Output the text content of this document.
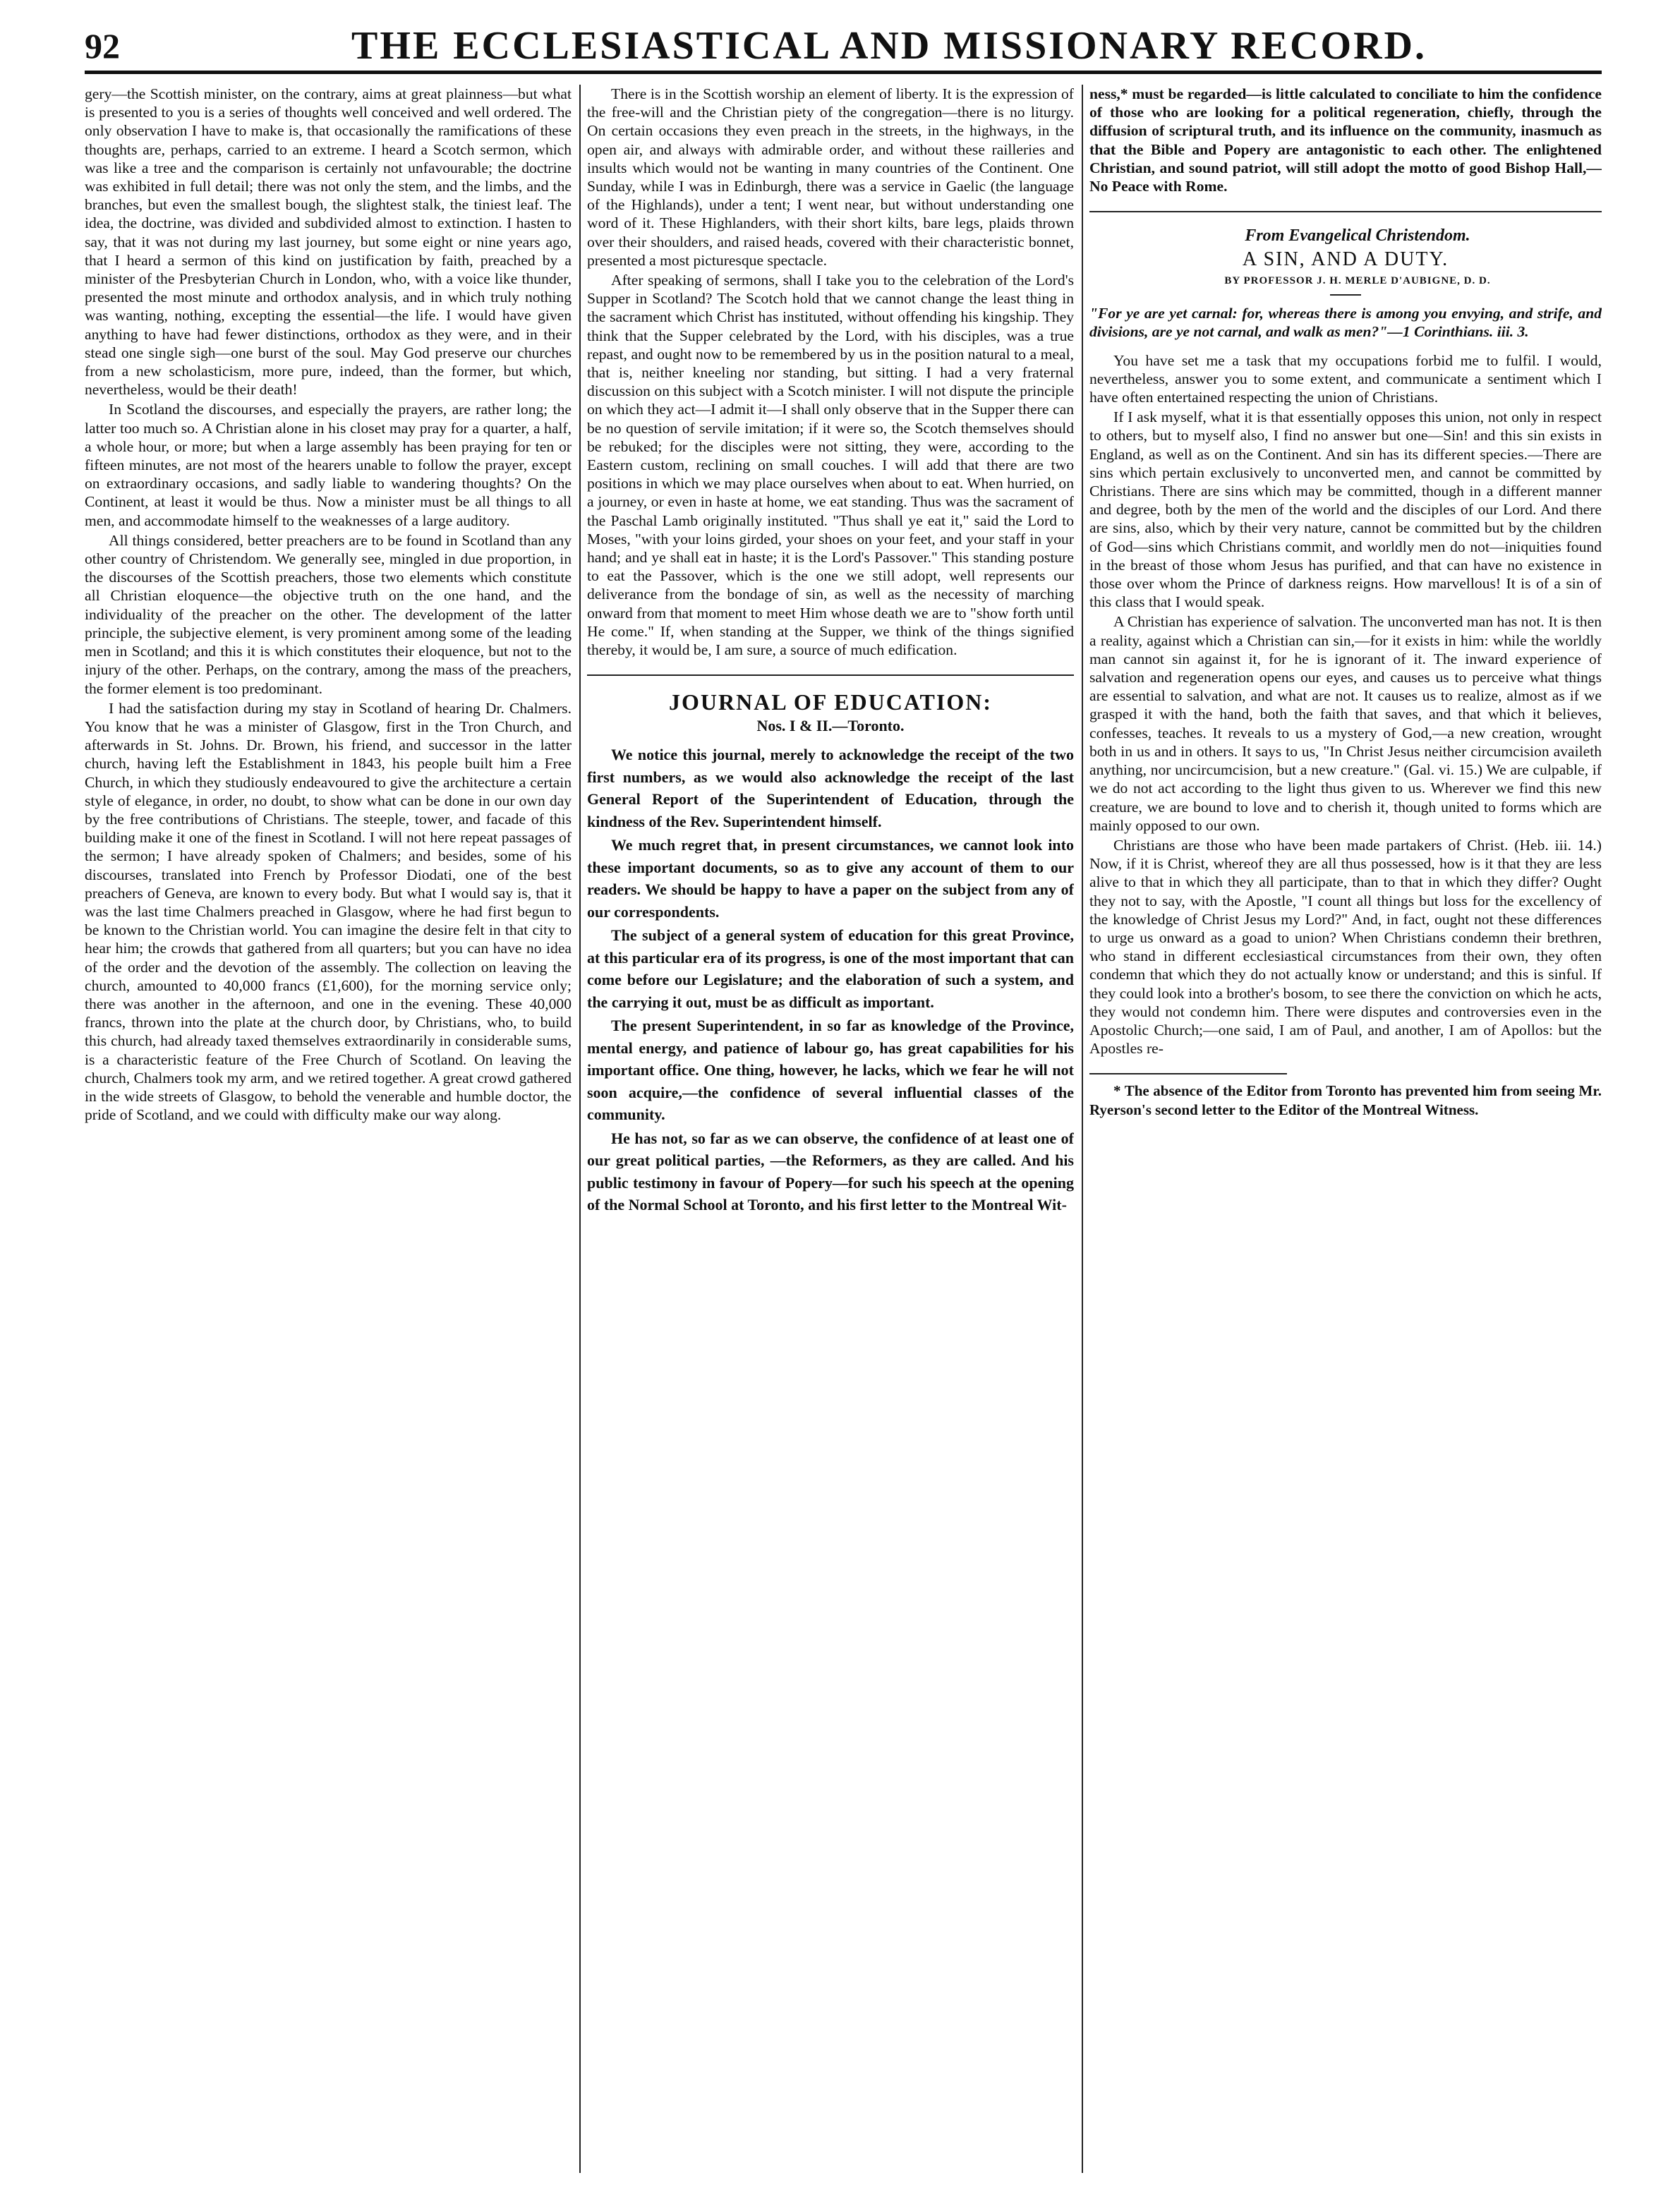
92	THE ECCLESIASTICAL AND MISSIONARY RECORD.

gery—the Scottish minister, on the contrary, aims at great plainness—but what is presented to you is a series of thoughts well conceived and well ordered. The only observation I have to make is, that occasionally the ramifications of these thoughts are, perhaps, carried to an extreme. I heard a Scotch sermon, which was like a tree and the comparison is certainly not unfavourable; the doctrine was exhibited in full detail; there was not only the stem, and the limbs, and the branches, but even the smallest bough, the slightest stalk, the tiniest leaf. The idea, the doctrine, was divided and subdivided almost to extinction. I hasten to say, that it was not during my last journey, but some eight or nine years ago, that I heard a sermon of this kind on justification by faith, preached by a minister of the Presbyterian Church in London, who, with a voice like thunder, presented the most minute and orthodox analysis, and in which truly nothing was wanting, nothing, excepting the essential—the life. I would have given anything to have had fewer distinctions, orthodox as they were, and in their stead one single sigh—one burst of the soul. May God preserve our churches from a new scholasticism, more pure, indeed, than the former, but which, nevertheless, would be their death!

In Scotland the discourses, and especially the prayers, are rather long; the latter too much so. A Christian alone in his closet may pray for a quarter, a half, a whole hour, or more; but when a large assembly has been praying for ten or fifteen minutes, are not most of the hearers unable to follow the prayer, except on extraordinary occasions, and sadly liable to wandering thoughts? On the Continent, at least it would be thus. Now a minister must be all things to all men, and accommodate himself to the weaknesses of a large auditory.

All things considered, better preachers are to be found in Scotland than any other country of Christendom. We generally see, mingled in due proportion, in the discourses of the Scottish preachers, those two elements which constitute all Christian eloquence—the objective truth on the one hand, and the individuality of the preacher on the other. The development of the latter principle, the subjective element, is very prominent among some of the leading men in Scotland; and this it is which constitutes their eloquence, but not to the injury of the other. Perhaps, on the contrary, among the mass of the preachers, the former element is too predominant.

I had the satisfaction during my stay in Scotland of hearing Dr. Chalmers. You know that he was a minister of Glasgow, first in the Tron Church, and afterwards in St. Johns. Dr. Brown, his friend, and successor in the latter church, having left the Establishment in 1843, his people built him a Free Church, in which they studiously endeavoured to give the architecture a certain style of elegance, in order, no doubt, to show what can be done in our own day by the free contributions of Christians. The steeple, tower, and facade of this building make it one of the finest in Scotland. I will not here repeat passages of the sermon; I have already spoken of Chalmers; and besides, some of his discourses, translated into French by Professor Diodati, one of the best preachers of Geneva, are known to every body. But what I would say is, that it was the last time Chalmers preached in Glasgow, where he had first begun to be known to the Christian world. You can imagine the desire felt in that city to hear him; the crowds that gathered from all quarters; but you can have no idea of the order and the devotion of the assembly. The collection on leaving the church, amounted to 40,000 francs (£1,600), for the morning service only; there was another in the afternoon, and one in the evening. These 40,000 francs, thrown into the plate at the church door, by Christians, who, to build this church, had already taxed themselves extraordinarily in considerable sums, is a characteristic feature of the Free Church of Scotland. On leaving the church, Chalmers took my arm, and we retired together. A great crowd gathered in the wide streets of Glasgow, to behold the venerable and humble doctor, the pride of Scotland, and we could with difficulty make our way along.

There is in the Scottish worship an element of liberty. It is the expression of the free-will and the Christian piety of the congregation—there is no liturgy. On certain occasions they even preach in the streets, in the highways, in the open air, and always with admirable order, and without these railleries and insults which would not be wanting in many countries of the Continent. One Sunday, while I was in Edinburgh, there was a service in Gaelic (the language of the Highlands), under a tent; I went near, but without understanding one word of it. These Highlanders, with their short kilts, bare legs, plaids thrown over their shoulders, and raised heads, covered with their characteristic bonnet, presented a most picturesque spectacle.

After speaking of sermons, shall I take you to the celebration of the Lord's Supper in Scotland? The Scotch hold that we cannot change the least thing in the sacrament which Christ has instituted, without offending his kingship. They think that the Supper celebrated by the Lord, with his disciples, was a true repast, and ought now to be remembered by us in the position natural to a meal, that is, neither kneeling nor standing, but sitting. I had a very fraternal discussion on this subject with a Scotch minister. I will not dispute the principle on which they act—I admit it—I shall only observe that in the Supper there can be no question of servile imitation; if it were so, the Scotch themselves should be rebuked; for the disciples were not sitting, they were, according to the Eastern custom, reclining on small couches. I will add that there are two positions in which we may place ourselves when about to eat. When hurried, on a journey, or even in haste at home, we eat standing. Thus was the sacrament of the Paschal Lamb originally instituted. "Thus shall ye eat it," said the Lord to Moses, "with your loins girded, your shoes on your feet, and your staff in your hand; and ye shall eat in haste; it is the Lord's Passover." This standing posture to eat the Passover, which is the one we still adopt, well represents our deliverance from the bondage of sin, as well as the necessity of marching onward from that moment to meet Him whose death we are to "show forth until He come." If, when standing at the Supper, we think of the things signified thereby, it would be, I am sure, a source of much edification.

JOURNAL OF EDUCATION:
Nos. I & II.—Toronto.

We notice this journal, merely to acknowledge the receipt of the two first numbers, as we would also acknowledge the receipt of the last General Report of the Superintendent of Education, through the kindness of the Rev. Superintendent himself.

We much regret that, in present circumstances, we cannot look into these important documents, so as to give any account of them to our readers. We should be happy to have a paper on the subject from any of our correspondents.

The subject of a general system of education for this great Province, at this particular era of its progress, is one of the most important that can come before our Legislature; and the elaboration of such a system, and the carrying it out, must be as difficult as important.

The present Superintendent, in so far as knowledge of the Province, mental energy, and patience of labour go, has great capabilities for his important office. One thing, however, he lacks, which we fear he will not soon acquire,—the confidence of several influential classes of the community.

He has not, so far as we can observe, the confidence of at least one of our great political parties, —the Reformers, as they are called. And his public testimony in favour of Popery—for such his speech at the opening of the Normal School at Toronto, and his first letter to the Montreal Wit-

ness,* must be regarded—is little calculated to conciliate to him the confidence of those who are looking for a political regeneration, chiefly, through the diffusion of scriptural truth, and its influence on the community, inasmuch as that the Bible and Popery are antagonistic to each other. The enlightened Christian, and sound patriot, will still adopt the motto of good Bishop Hall,—No Peace with Rome.

From Evangelical Christendom.

A SIN, AND A DUTY.

BY PROFESSOR J. H. MERLE D'AUBIGNE, D. D.

"For ye are yet carnal: for, whereas there is among you envying, and strife, and divisions, are ye not carnal, and walk as men?"—1 Corinthians. iii. 3.

You have set me a task that my occupations forbid me to fulfil. I would, nevertheless, answer you to some extent, and communicate a sentiment which I have often entertained respecting the union of Christians.

If I ask myself, what it is that essentially opposes this union, not only in respect to others, but to myself also, I find no answer but one—Sin! and this sin exists in England, as well as on the Continent. And sin has its different species.—There are sins which pertain exclusively to unconverted men, and cannot be committed by Christians. There are sins which may be committed, though in a different manner and degree, both by the men of the world and the disciples of our Lord. And there are sins, also, which by their very nature, cannot be committed but by the children of God—sins which Christians commit, and worldly men do not—iniquities found in the breast of those whom Jesus has purified, and that can have no existence in those over whom the Prince of darkness reigns. How marvellous! It is of a sin of this class that I would speak.

A Christian has experience of salvation. The unconverted man has not. It is then a reality, against which a Christian can sin,—for it exists in him: while the worldly man cannot sin against it, for he is ignorant of it. The inward experience of salvation and regeneration opens our eyes, and causes us to perceive what things are essential to salvation, and what are not. It causes us to realize, almost as if we grasped it with the hand, both the faith that saves, and that which it believes, confesses, teaches. It reveals to us a mystery of God,—a new creation, wrought both in us and in others. It says to us, "In Christ Jesus neither circumcision availeth anything, nor uncircumcision, but a new creature." (Gal. vi. 15.) We are culpable, if we do not act according to the light thus given to us. Wherever we find this new creature, we are bound to love and to cherish it, though united to forms which are mainly opposed to our own.

Christians are those who have been made partakers of Christ. (Heb. iii. 14.) Now, if it is Christ, whereof they are all thus possessed, how is it that they are less alive to that in which they all participate, than to that in which they differ? Ought they not to say, with the Apostle, "I count all things but loss for the excellency of the knowledge of Christ Jesus my Lord?" And, in fact, ought not these differences to urge us onward as a goad to union? When Christians condemn their brethren, who stand in different ecclesiastical circumstances from their own, they often condemn that which they do not actually know or understand; and this is sinful. If they could look into a brother's bosom, to see there the conviction on which he acts, they would not condemn him. There were disputes and controversies even in the Apostolic Church;—one said, I am of Paul, and another, I am of Apollos: but the Apostles re-

* The absence of the Editor from Toronto has prevented him from seeing Mr. Ryerson's second letter to the Editor of the Montreal Witness.
